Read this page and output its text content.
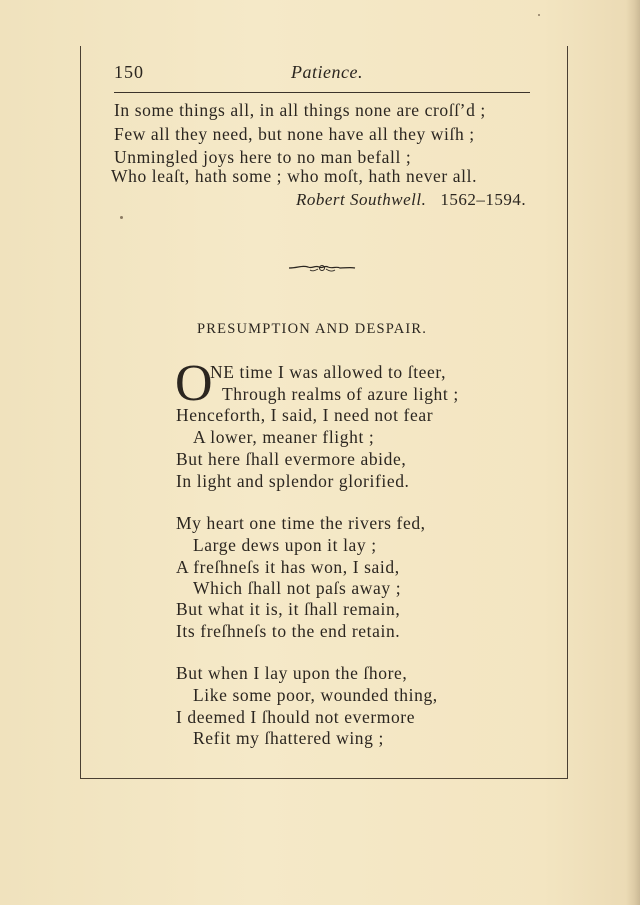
150	Patience.
In some things all, in all things none are croſſ’d ;
Few all they need, but none have all they wiſh ;
Unmingled joys here to no man befall ;
Who leaſt, hath some ; who moſt, hath never all.
Robert Southwell. 1562–1594.
PRESUMPTION AND DESPAIR.
O
NE time I was allowed to ſteer,
Through realms of azure light ;
Henceforth, I said, I need not fear
A lower, meaner flight ;
But here ſhall evermore abide,
In light and splendor glorified.
My heart one time the rivers fed,
Large dews upon it lay ;
A freſhneſs it has won, I said,
Which ſhall not paſs away ;
But what it is, it ſhall remain,
Its freſhneſs to the end retain.
But when I lay upon the ſhore,
Like some poor, wounded thing,
I deemed I ſhould not evermore
Refit my ſhattered wing ;
